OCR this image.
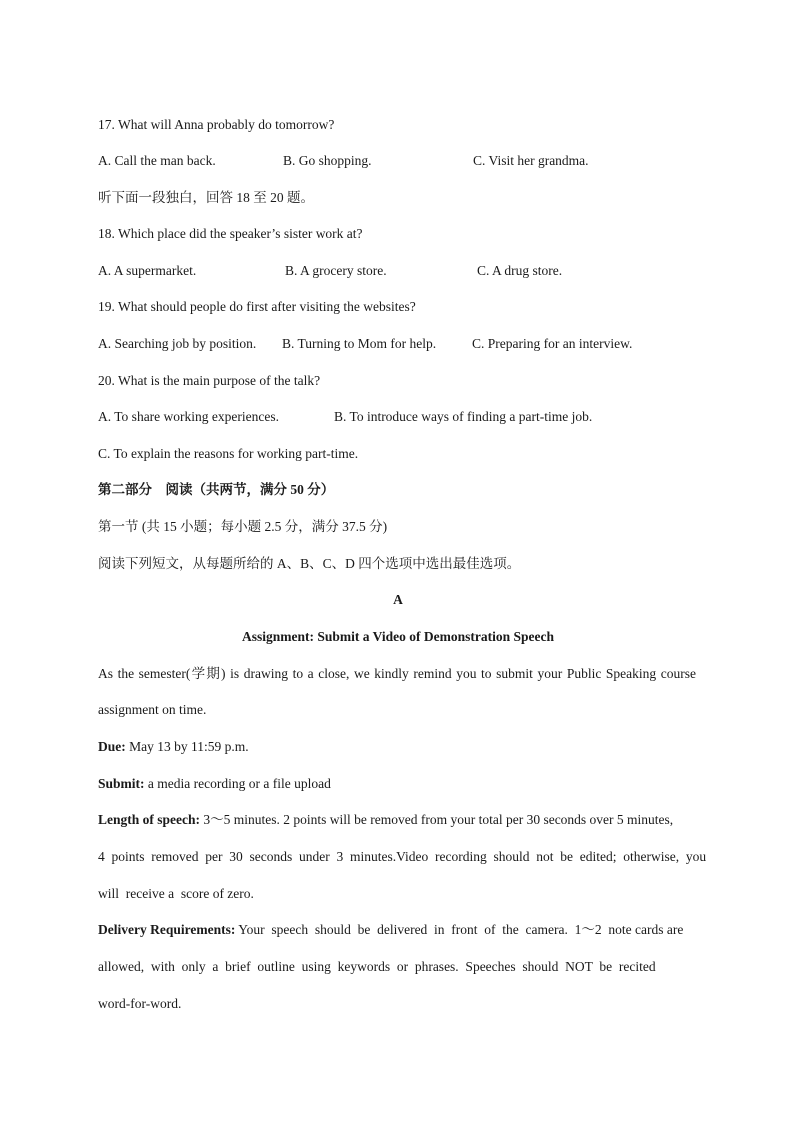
17. What will Anna probably do tomorrow?
A. Call the man back.	B. Go shopping.	C. Visit her grandma.
听下面一段独白，回答 18 至 20 题。
18. Which place did the speaker’s sister work at?
A. A supermarket.	B. A grocery store.	C. A drug store.
19. What should people do first after visiting the websites?
A. Searching job by position. B. Turning to Mom for help.	C. Preparing for an interview.
20. What is the main purpose of the talk?
A. To share working experiences.	B. To introduce ways of finding a part-time job.
C. To explain the reasons for working part-time.
第二部分　阅读（共两节，满分 50 分）
第一节 (共 15 小题；每小题 2.5 分，满分 37.5 分)
阅读下列短文，从每题所给的 A、B、C、D 四个选项中选出最佳选项。
A
Assignment: Submit a Video of Demonstration Speech
As the semester(学期) is drawing to a close, we kindly remind you to submit your Public Speaking course
assignment on time.
Due: May 13 by 11:59 p.m.
Submit: a media recording or a file upload
Length of speech: 3～5 minutes. 2 points will be removed from your total per 30 seconds over 5 minutes,
4  points  removed  per  30  seconds  under  3  minutes.Video  recording  should  not  be  edited;  otherwise,  you
will  receive a  score of zero.
Delivery Requirements: Your  speech  should  be  delivered  in  front  of  the  camera.  1～2  note cards are
allowed,  with  only  a  brief  outline  using  keywords  or  phrases.  Speeches  should  NOT  be  recited
word-for-word.
